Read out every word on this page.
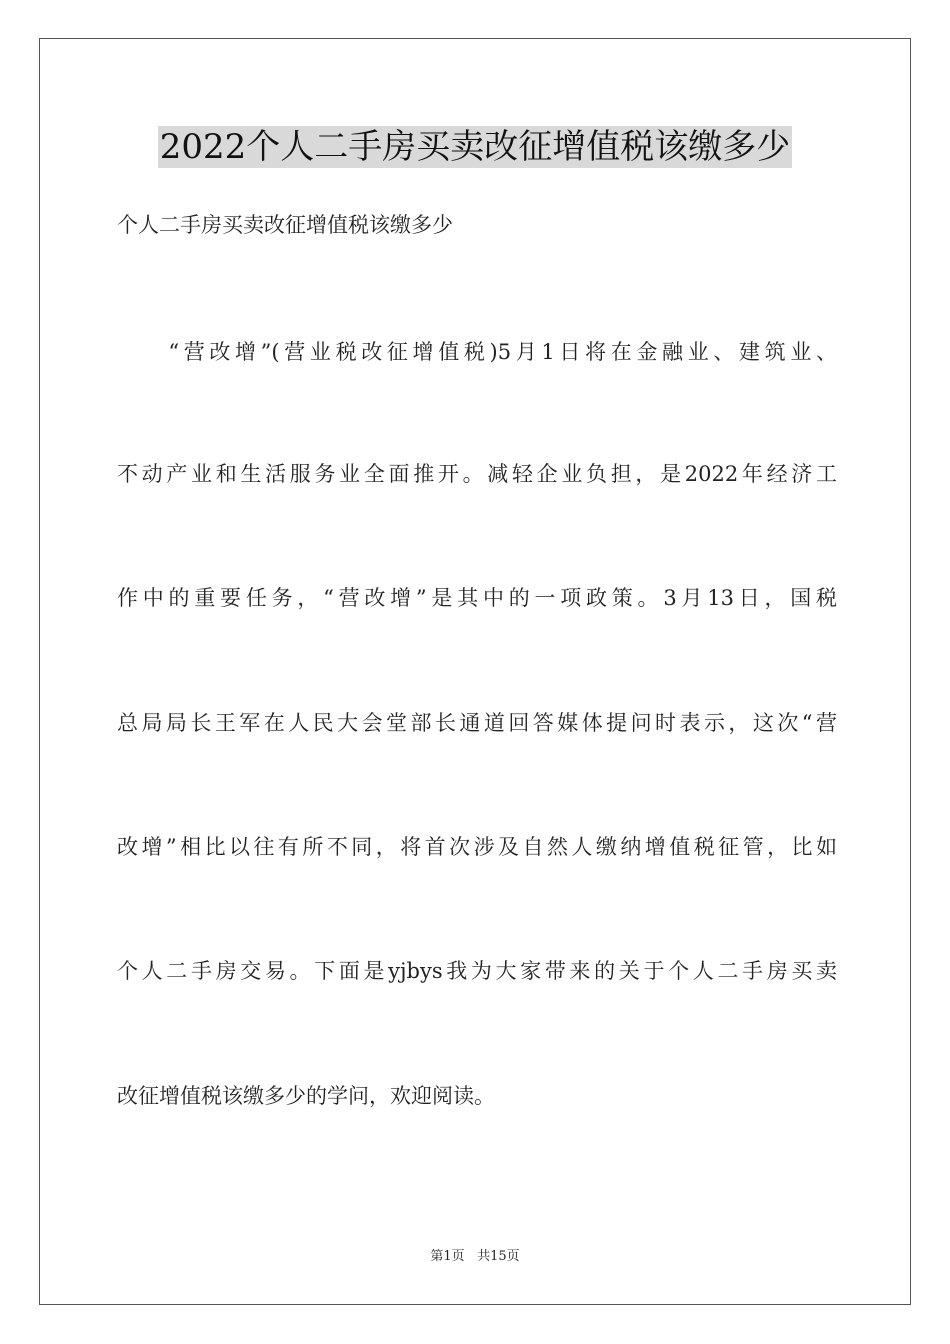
2022个人二手房买卖改征增值税该缴多少
个人二手房买卖改征增值税该缴多少
　　“营改增”(营业税改征增值税)5月1日将在金融业、建筑业、
不动产业和生活服务业全面推开。减轻企业负担，是2022年经济工
作中的重要任务，“营改增”是其中的一项政策。3月13日，国税
总局局长王军在人民大会堂部长通道回答媒体提问时表示，这次“营
改增”相比以往有所不同，将首次涉及自然人缴纳增值税征管，比如
个人二手房交易。下面是yjbys我为大家带来的关于个人二手房买卖
改征增值税该缴多少的学问，欢迎阅读。
第1页 共15页
